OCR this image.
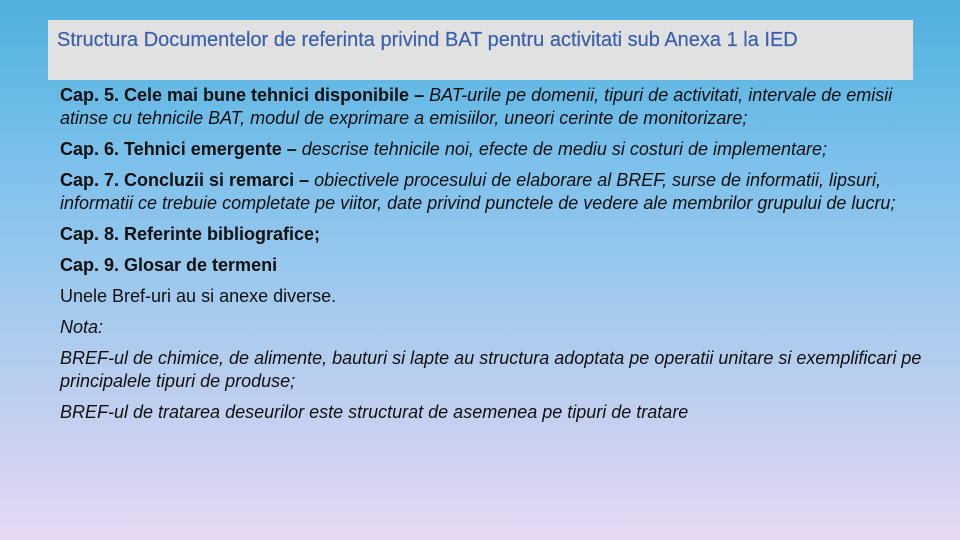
Structura Documentelor de referinta privind BAT pentru activitati sub Anexa 1 la IED
Cap. 5. Cele mai bune tehnici disponibile – BAT-urile pe domenii, tipuri de activitati, intervale de emisii atinse cu tehnicile BAT, modul de exprimare a emisiilor, uneori cerinte de monitorizare;
Cap. 6. Tehnici emergente – descrise tehnicile noi, efecte de mediu si costuri de implementare;
Cap. 7. Concluzii si remarci – obiectivele procesului de elaborare al BREF, surse de informatii, lipsuri, informatii ce trebuie completate pe viitor, date privind punctele de vedere ale membrilor grupului de lucru;
Cap. 8. Referinte bibliografice;
Cap. 9. Glosar de termeni
Unele Bref-uri au si anexe diverse.
Nota:
BREF-ul de chimice, de alimente, bauturi si lapte au structura adoptata pe operatii unitare si exemplificari pe principalele tipuri de produse;
BREF-ul de tratarea deseurilor este structurat de asemenea pe tipuri de tratare
